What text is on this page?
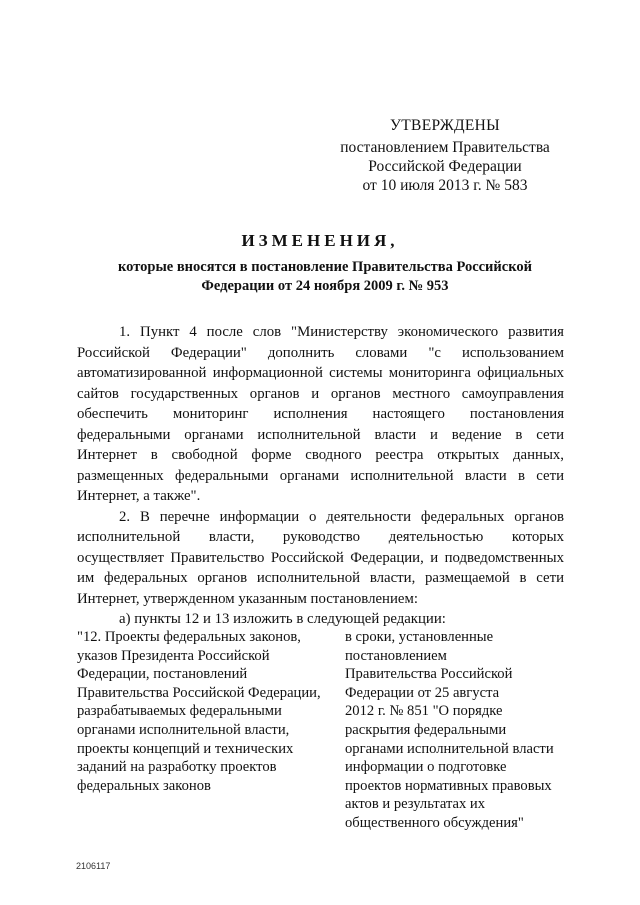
УТВЕРЖДЕНЫ
постановлением Правительства
Российской Федерации
от 10 июля 2013 г. № 583
ИЗМЕНЕНИЯ,
которые вносятся в постановление Правительства Российской
Федерации от 24 ноября 2009 г. № 953
1. Пункт 4 после слов "Министерству экономического развития
Российской Федерации" дополнить словами "с использованием
автоматизированной информационной системы мониторинга официальных
сайтов государственных органов и органов местного самоуправления
обеспечить мониторинг исполнения настоящего постановления
федеральными органами исполнительной власти и ведение в сети
Интернет в свободной форме сводного реестра открытых данных,
размещенных федеральными органами исполнительной власти в сети
Интернет, а также".
2. В перечне информации о деятельности федеральных органов
исполнительной власти, руководство деятельностью которых
осуществляет Правительство Российской Федерации, и подведомственных
им федеральных органов исполнительной власти, размещаемой в сети
Интернет, утвержденном указанным постановлением:
а) пункты 12 и 13 изложить в следующей редакции:
"12. Проекты федеральных законов,
указов Президента Российской
Федерации, постановлений
Правительства Российской Федерации,
разрабатываемых федеральными
органами исполнительной власти,
проекты концепций и технических
заданий на разработку проектов
федеральных законов
в сроки, установленные
постановлением
Правительства Российской
Федерации от 25 августа
2012 г. № 851 "О порядке
раскрытия федеральными
органами исполнительной власти
информации о подготовке
проектов нормативных правовых
актов и результатах их
общественного обсуждения"
2106117
